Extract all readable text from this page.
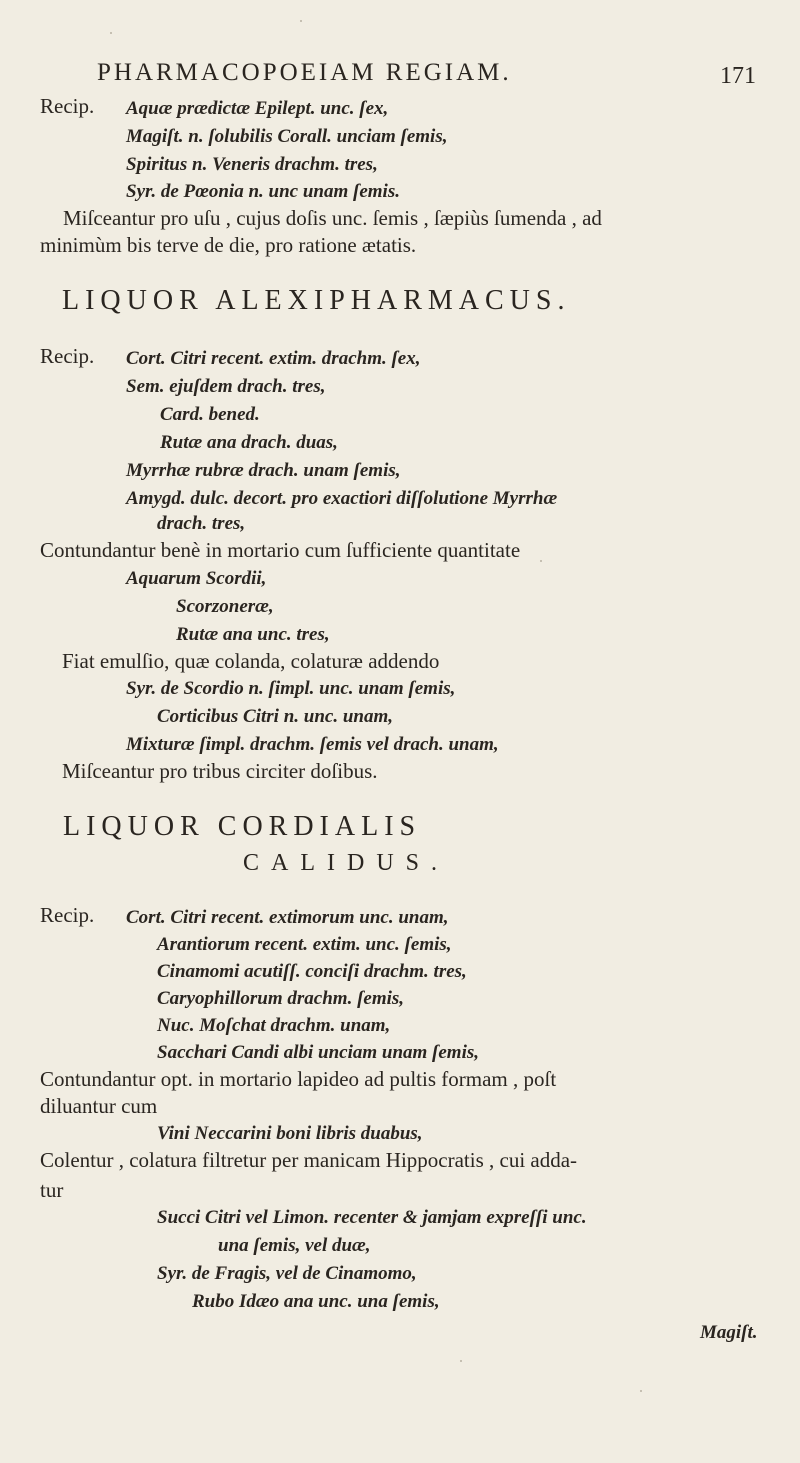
PHARMACOPOEIAM REGIAM.	171
Recip. Aquæ prædictæ Epilept. unc. ſex,
Magiſt. n. ſolubilis Corall. unciam ſemis,
Spiritus n. Veneris drachm. tres,
Syr. de Pœonia n. unc unam ſemis.
Miſceantur pro uſu , cujus doſis unc. ſemis , ſæpiùs ſumenda , ad
minimùm bis terve de die, pro ratione ætatis.
LIQUOR ALEXIPHARMACUS.
Recip. Cort. Citri recent. extim. drachm. ſex,
Sem. ejuſdem drach. tres,
Card. bened.
Rutæ ana drach. duas,
Myrrhæ rubræ drach. unam ſemis,
Amygd. dulc. decort. pro exactiori diſſolutione Myrrhæ
drach. tres,
Contundantur benè in mortario cum ſufficiente quantitate
Aquarum Scordii,
Scorzoneræ,
Rutæ ana unc. tres,
Fiat emulſio, quæ colanda, colaturæ addendo
Syr. de Scordio n. ſimpl. unc. unam ſemis,
Corticibus Citri n. unc. unam,
Mixturæ ſimpl. drachm. ſemis vel drach. unam,
Miſceantur pro tribus circiter doſibus.
LIQUOR CORDIALIS
CALIDUS.
Recip. Cort. Citri recent. extimorum unc. unam,
Arantiorum recent. extim. unc. ſemis,
Cinamomi acutiſſ. conciſi drachm. tres,
Caryophillorum drachm. ſemis,
Nuc. Moſchat drachm. unam,
Sacchari Candi albi unciam unam ſemis,
Contundantur opt. in mortario lapideo ad pultis formam , poſt
diluantur cum
Vini Neccarini boni libris duabus,
Colentur , colatura filtretur per manicam Hippocratis , cui adda-
tur
Succi Citri vel Limon. recenter & jamjam expreſſi unc.
una ſemis, vel duæ,
Syr. de Fragis, vel de Cinamomo,
Rubo Idæo ana unc. una ſemis,
Magiſt.
